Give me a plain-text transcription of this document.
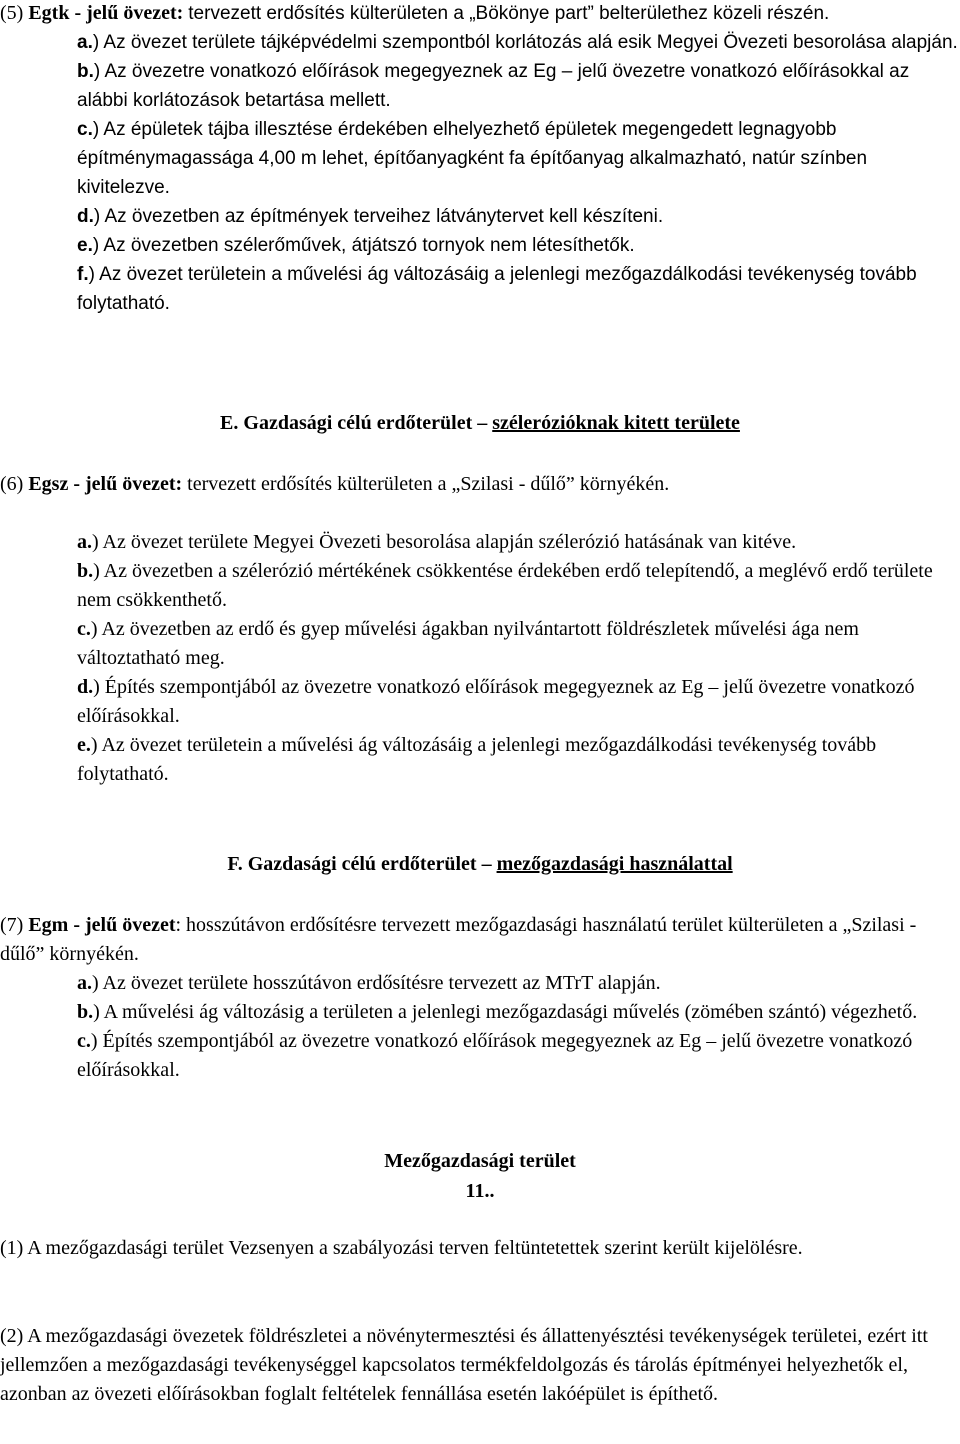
(5) Egtk - jelű övezet: tervezett erdősítés külterületen a „Bökönye part” belterülethez közeli részén.

a.) Az övezet területe tájképvédelmi szempontból korlátozás alá esik Megyei Övezeti besorolása alapján.

b.) Az övezetre vonatkozó előírások megegyeznek az Eg – jelű övezetre vonatkozó előírásokkal az alábbi korlátozások betartása mellett.

c.) Az épületek tájba illesztése érdekében elhelyezhető épületek megengedett legnagyobb építménymagassága 4,00 m lehet, építőanyagként fa építőanyag alkalmazható, natúr színben kivitelezve.

d.) Az övezetben az építmények terveihez látványtervet kell készíteni.

e.) Az övezetben szélerőművek, átjátszó tornyok nem létesíthetők.

f.) Az övezet területein a művelési ág változásáig a jelenlegi mezőgazdálkodási tevékenység tovább folytatható.

E. Gazdasági célú erdőterület – szélerózióknak kitett területe

(6) Egsz - jelű övezet: tervezett erdősítés külterületen a „Szilasi - dűlő” környékén.

a.) Az övezet területe Megyei Övezeti besorolása alapján szélerózió hatásának van kitéve.

b.) Az övezetben a szélerózió mértékének csökkentése érdekében erdő telepítendő, a meglévő erdő területe nem csökkenthető.

c.) Az övezetben az erdő és gyep művelési ágakban nyilvántartott földrészletek művelési ága nem változtatható meg.

d.) Építés szempontjából az övezetre vonatkozó előírások megegyeznek az Eg – jelű övezetre vonatkozó előírásokkal.

e.) Az övezet területein a művelési ág változásáig a jelenlegi mezőgazdálkodási tevékenység tovább folytatható.

F. Gazdasági célú erdőterület – mezőgazdasági használattal

(7) Egm - jelű övezet: hosszútávon erdősítésre tervezett mezőgazdasági használatú terület külterületen a „Szilasi - dűlő” környékén.

a.) Az övezet területe hosszútávon erdősítésre tervezett az MTrT alapján.

b.) A művelési ág változásig a területen a jelenlegi mezőgazdasági művelés (zömében szántó) végezhető.

c.) Építés szempontjából az övezetre vonatkozó előírások megegyeznek az Eg – jelű övezetre vonatkozó előírásokkal.

Mezőgazdasági terület
11..

(1) A mezőgazdasági terület Vezsenyen a szabályozási terven feltüntetettek szerint került kijelölésre.

(2) A mezőgazdasági övezetek földrészletei a növénytermesztési és állattenyésztési tevékenységek területei, ezért itt jellemzően a mezőgazdasági tevékenységgel kapcsolatos termékfeldolgozás és tárolás építményei helyezhetők el, azonban az övezeti előírásokban foglalt feltételek fennállása esetén lakóépület is építhető.
